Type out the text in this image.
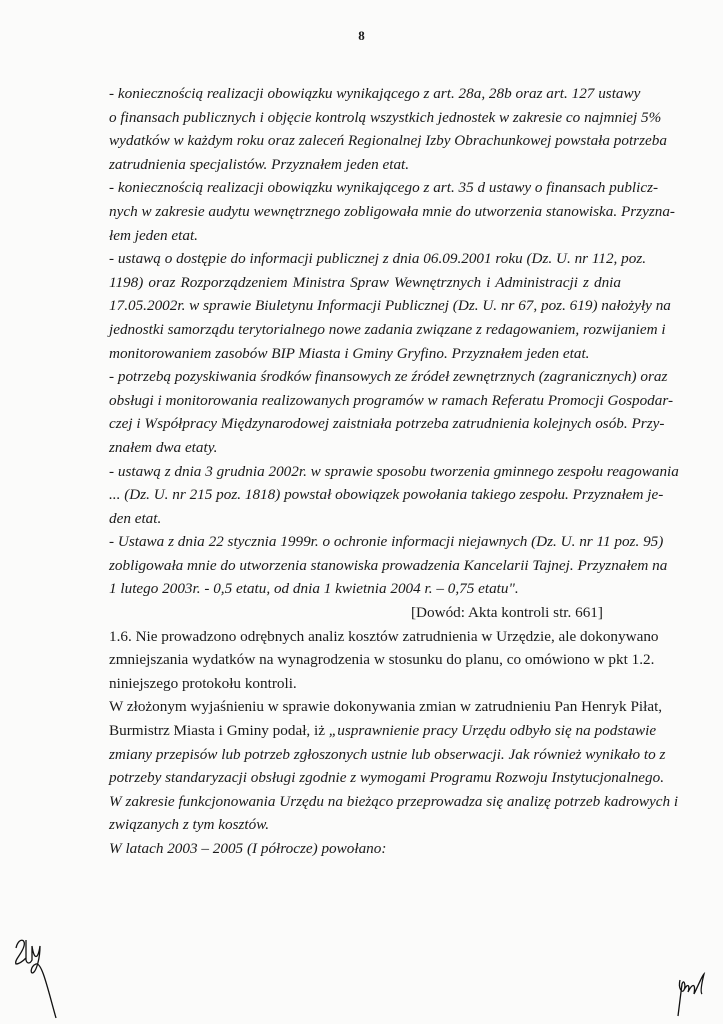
8
- koniecznością realizacji obowiązku wynikającego z art. 28a, 28b oraz art. 127 ustawy
o finansach publicznych i objęcie kontrolą wszystkich jednostek w zakresie co najmniej 5%
wydatków w każdym roku oraz zaleceń Regionalnej Izby Obrachunkowej powstała potrzeba
zatrudnienia specjalistów. Przyznałem jeden etat.
- koniecznością realizacji obowiązku wynikającego z art. 35 d ustawy o finansach publicz-
nych w zakresie audytu wewnętrznego zobligowała mnie do utworzenia stanowiska. Przyzna-
łem jeden etat.
- ustawą o dostępie do informacji publicznej z dnia 06.09.2001 roku (Dz. U. nr 112, poz.
1198) oraz Rozporządzeniem Ministra Spraw Wewnętrznych i Administracji z dnia
17.05.2002r. w sprawie Biuletynu Informacji Publicznej (Dz. U. nr 67, poz. 619) nałożyły na
jednostki samorządu terytorialnego nowe zadania związane z redagowaniem, rozwijaniem i
monitorowaniem zasobów BIP Miasta i Gminy Gryfino. Przyznałem jeden etat.
- potrzebą pozyskiwania środków finansowych ze źródeł zewnętrznych (zagranicznych) oraz
obsługi i monitorowania realizowanych programów w ramach Referatu Promocji Gospodar-
czej i Współpracy Międzynarodowej zaistniała potrzeba zatrudnienia kolejnych osób. Przy-
znałem dwa etaty.
- ustawą z dnia 3 grudnia 2002r. w sprawie sposobu tworzenia gminnego zespołu reagowania
... (Dz. U. nr 215 poz. 1818) powstał obowiązek powołania takiego zespołu. Przyznałem je-
den etat.
- Ustawa z dnia 22 stycznia 1999r. o ochronie informacji niejawnych (Dz. U. nr 11 poz. 95)
zobligowała mnie do utworzenia stanowiska prowadzenia Kancelarii Tajnej. Przyznałem na
1 lutego 2003r. - 0,5 etatu, od dnia 1 kwietnia 2004 r. – 0,75 etatu".
[Dowód: Akta kontroli str. 661]
1.6. Nie prowadzono odrębnych analiz kosztów zatrudnienia w Urzędzie, ale dokonywano
zmniejszania wydatków na wynagrodzenia w stosunku do planu, co omówiono w pkt 1.2.
niniejszego protokołu kontroli.
W złożonym wyjaśnieniu w sprawie dokonywania zmian w zatrudnieniu Pan Henryk Piłat,
Burmistrz Miasta i Gminy podał, iż „usprawnienie pracy Urzędu odbyło się na podstawie
zmiany przepisów lub potrzeb zgłoszonych ustnie lub obserwacji. Jak również wynikało to z
potrzeby standaryzacji obsługi zgodnie z wymogami Programu Rozwoju Instytucjonalnego.
W zakresie funkcjonowania Urzędu na bieżąco przeprowadza się analizę potrzeb kadrowych i
związanych z tym kosztów.
W latach 2003 – 2005 (I półrocze) powołano:
